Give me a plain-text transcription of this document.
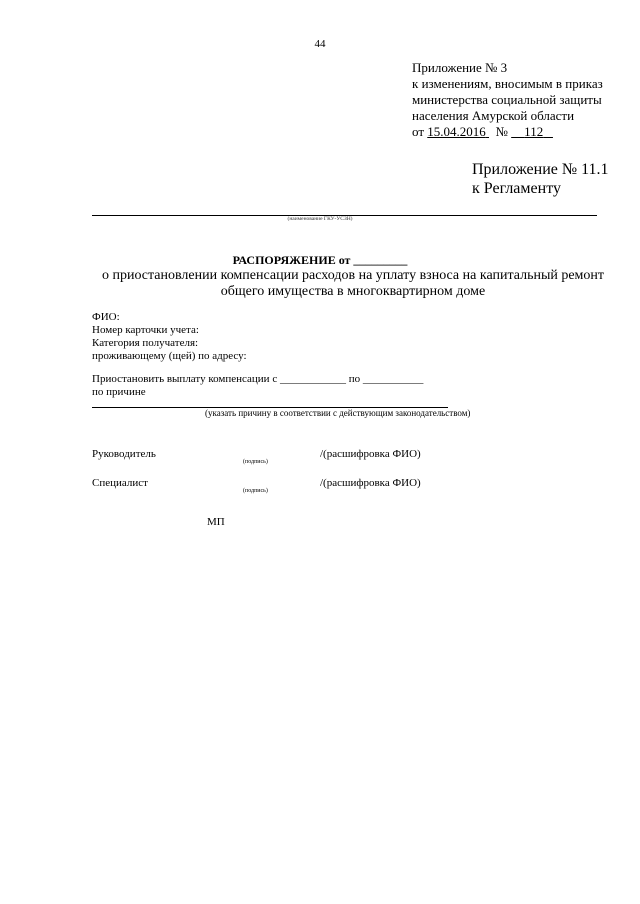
44
Приложение № 3
к изменениям, вносимым в приказ
министерства социальной защиты
населения Амурской области
от 15.04.2016 № 112
Приложение № 11.1
к Регламенту
(наименование ГКУ-УСЗН)
РАСПОРЯЖЕНИЕ от _________
о приостановлении компенсации расходов на уплату взноса на капитальный ремонт общего имущества в многоквартирном доме
ФИО:
Номер карточки учета:
Категория получателя:
проживающему (щей) по адресу:
Приостановить выплату компенсации с ____________ по ___________
по причине
(указать причину в соответствии с действующим законодательством)
Руководитель
(подпись)
/(расшифровка ФИО)
Специалист
(подпись)
/(расшифровка ФИО)
МП
